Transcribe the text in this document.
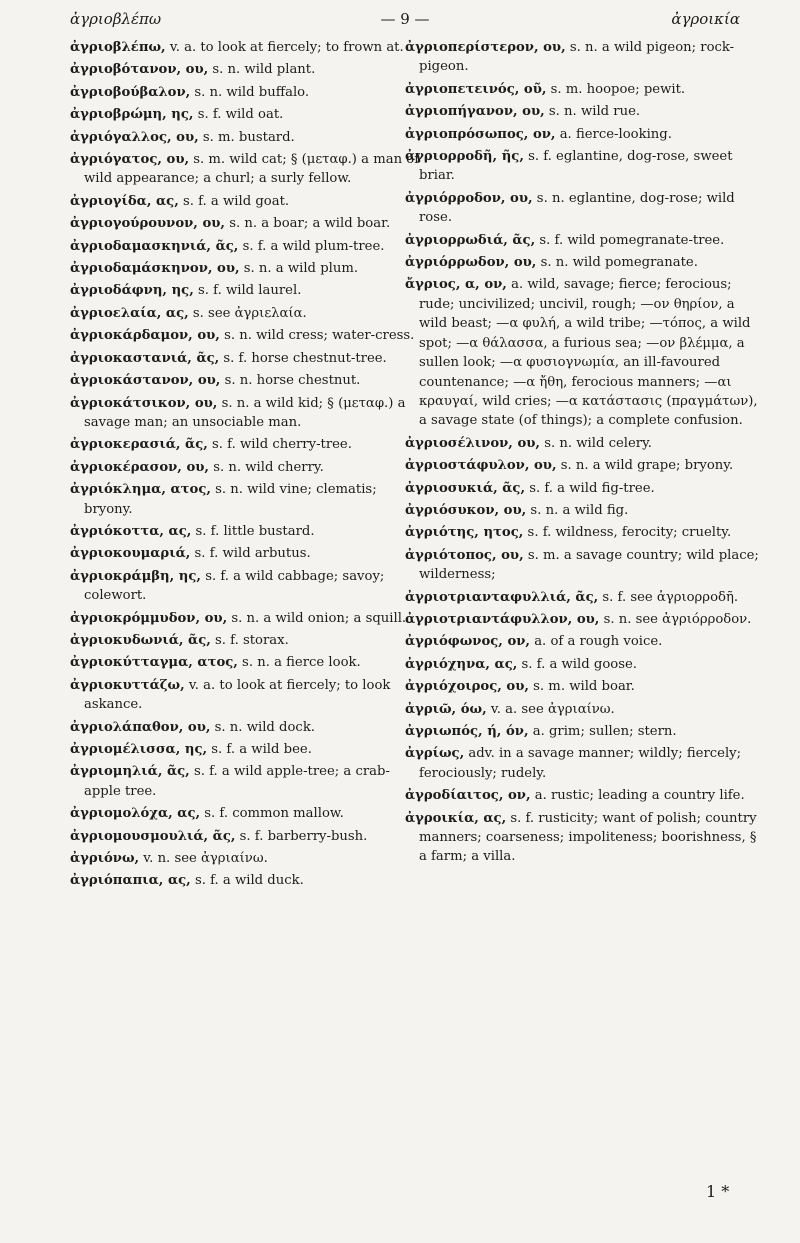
ἀγριοβλέπω	— 9 —	ἀγροικία

ἀγριοβλέπω, v. a. to look at fiercely; to frown at.

ἀγριοβότανον, ου, s. n. wild plant.

ἀγριοβούβαλον, s. n. wild buffalo.

ἀγριοβρώμη, ης, s. f. wild oat.

ἀγριόγαλλος, ου, s. m. bustard.

ἀγριόγατος, ου, s. m. wild cat; § (μεταφ.) a man of wild appearance; a churl; a surly fellow.

ἀγριογίδα, ας, s. f. a wild goat.

ἀγριογούρουνον, ου, s. n. a boar; a wild boar.

ἀγριοδαμασκηνιά, ᾶς, s. f. a wild plum-tree.

ἀγριοδαμάσκηνον, ου, s. n. a wild plum.

ἀγριοδάφνη, ης, s. f. wild laurel.

ἀγριοελαία, ας, s. see ἀγριελαία.

ἀγριοκάρδαμον, ου, s. n. wild cress; water-cress.

ἀγριοκαστανιά, ᾶς, s. f. horse chestnut-tree.

ἀγριοκάστανον, ου, s. n. horse chestnut.

ἀγριοκάτσικον, ου, s. n. a wild kid; § (μεταφ.) a savage man; an unsociable man.

ἀγριοκερασιά, ᾶς, s. f. wild cherry-tree.

ἀγριοκέρασον, ου, s. n. wild cherry.

ἀγριόκλημα, ατος, s. n. wild vine; clematis; bryony.

ἀγριόκοττα, ας, s. f. little bustard.

ἀγριοκουμαριά, s. f. wild arbutus.

ἀγριοκράμβη, ης, s. f. a wild cabbage; savoy; colewort.

ἀγριοκρόμμυδον, ου, s. n. a wild onion; a squill.

ἀγριοκυδωνιά, ᾶς, s. f. storax.

ἀγριοκύτταγμα, ατος, s. n. a fierce look.

ἀγριοκυττάζω, v. a. to look at fiercely; to look askance.

ἀγριολάπαθον, ου, s. n. wild dock.

ἀγριομέλισσα, ης, s. f. a wild bee.

ἀγριομηλιά, ᾶς, s. f. a wild apple-tree; a crab-apple tree.

ἀγριομολόχα, ας, s. f. common mallow.

ἀγριομουσμουλιά, ᾶς, s. f. barberry-bush.

ἀγριόνω, v. n. see ἀγριαίνω.

ἀγριόπαπια, ας, s. f. a wild duck.

ἀγριοπερίστερον, ου, s. n. a wild pigeon; rock-pigeon.

ἀγριοπετεινός, οῦ, s. m. hoopoe; pewit.

ἀγριοπήγανον, ου, s. n. wild rue.

ἀγριοπρόσωπος, ον, a. fierce-looking.

ἀγριορροδῆ, ῆς, s. f. eglantine, dog-rose, sweet briar.

ἀγριόρροδον, ου, s. n. eglantine, dog-rose; wild rose.

ἀγριορρωδιά, ᾶς, s. f. wild pomegranate-tree.

ἀγριόρρωδον, ου, s. n. wild pomegranate.

ἄγριος, α, ον, a. wild, savage; fierce; ferocious; rude; uncivilized; uncivil, rough; —ον θηρίον, a wild beast; —α φυλή, a wild tribe; —τόπος, a wild spot; —α θάλασσα, a furious sea; —ον βλέμμα, a sullen look; —α φυσιογνωμία, an ill-favoured countenance; —α ἤθη, ferocious manners; —αι κραυγαί, wild cries; —α κατάστασις (πραγμάτων), a savage state (of things); a complete confusion.

ἀγριοσέλινον, ου, s. n. wild celery.

ἀγριοστάφυλον, ου, s. n. a wild grape; bryony.

ἀγριοσυκιά, ᾶς, s. f. a wild fig-tree.

ἀγριόσυκον, ου, s. n. a wild fig.

ἀγριότης, ητος, s. f. wildness, ferocity; cruelty.

ἀγριότοπος, ου, s. m. a savage country; wild place; wilderness;

ἀγριοτριανταφυλλιά, ᾶς, s. f. see ἀγριορροδῆ.

ἀγριοτριαντάφυλλον, ου, s. n. see ἀγριόρροδον.

ἀγριόφωνος, ον, a. of a rough voice.

ἀγριόχηνα, ας, s. f. a wild goose.

ἀγριόχοιρος, ου, s. m. wild boar.

ἀγριῶ, όω, v. a. see ἀγριαίνω.

ἀγριωπός, ή, όν, a. grim; sullen; stern.

ἀγρίως, adv. in a savage manner; wildly; fiercely; ferociously; rudely.

ἀγροδίαιτος, ον, a. rustic; leading a country life.

ἀγροικία, ας, s. f. rusticity; want of polish; country manners; coarseness; impoliteness; boorishness, § a farm; a villa.

1 *
